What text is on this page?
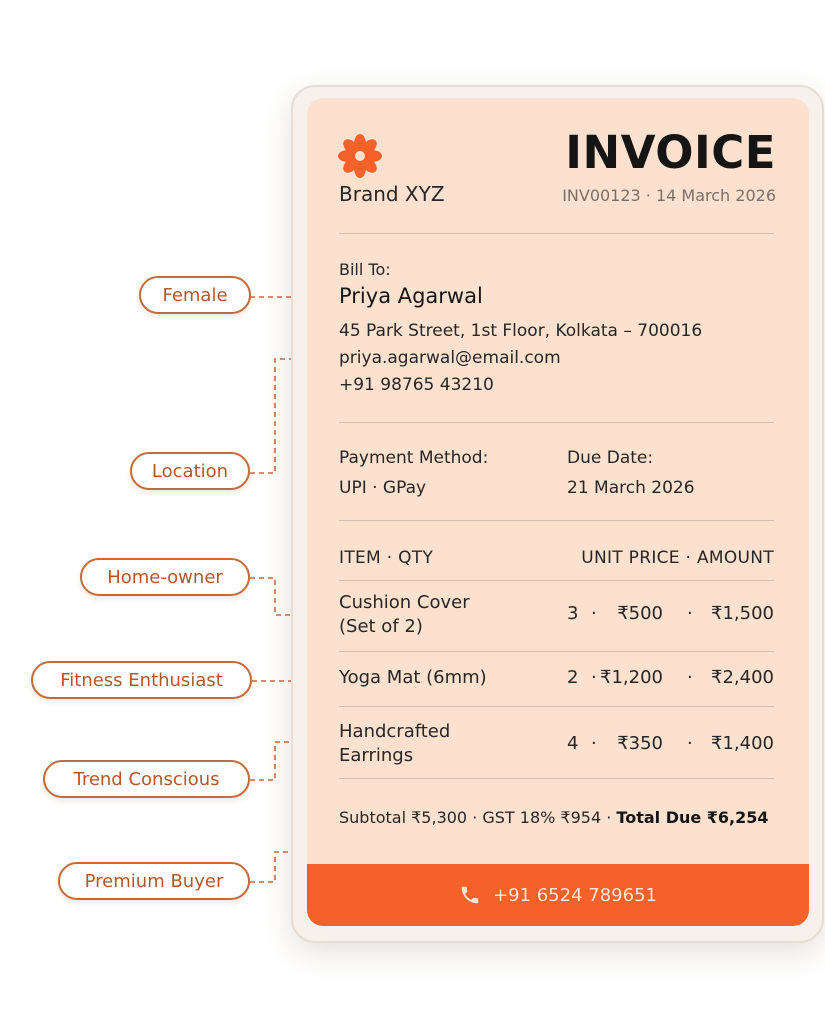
Female
Location
Home-owner
Fitness Enthusiast
Trend Conscious
Premium Buyer
Brand XYZ
INVOICE
INV00123 · 14 March 2026
Bill To:
Priya Agarwal
45 Park Street, 1st Floor, Kolkata – 700016
priya.agarwal@email.com
+91 98765 43210
Payment Method:
UPI · GPay
Due Date:
21 March 2026
ITEM · QTY	UNIT PRICE · AMOUNT
Cushion Cover
(Set of 2)
3 · ₹500 · ₹1,500
Yoga Mat (6mm)	2 · ₹1,200 · ₹2,400
Handcrafted
Earrings
4 · ₹350 · ₹1,400
Subtotal ₹5,300 · GST 18% ₹954 · Total Due ₹6,254
+91 6524 789651
